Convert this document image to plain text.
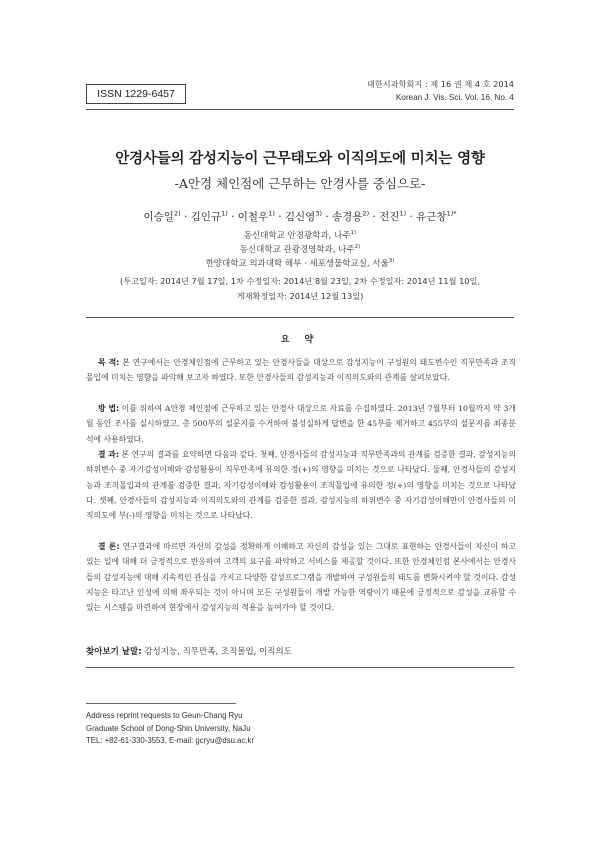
ISSN 1229-6457
대한시과학회지 : 제 16 권 제 4 호 2014
Korean J. Vis. Sci. Vol. 16, No. 4
안경사들의 감성지능이 근무태도와 이직의도에 미치는 영향
-A안경 체인점에 근무하는 안경사를 중심으로-
이승일$^{2)}$ · 김인규$^{1)}$ · 이철우$^{1)}$ · 김신영$^{3)}$ · 송경용$^{2)}$ · 전진$^{1)}$ · 유근창$^{1)*}$
동신대학교 안경광학과, 나주$^{1)}$
동신대학교 관광경영학과, 나주$^{2)}$
한양대학교 의과대학 해부 · 세포생물학교실, 서울$^{3)}$
(투고일자: 2014년 7월 17일, 1차 수정일자: 2014년 8월 23일, 2차 수정일자: 2014년 11월 10일,
게재확정일자: 2014년 12월 13일)
요 약
목 적: 본 연구에서는 안경체인점에 근무하고 있는 안경사들을 대상으로 감성지능이 구성원의 태도변수인 직무만족과 조직몰입에 미치는 영향을 파악해 보고자 하였다. 또한 안경사들의 감성지능과 이직의도와의 관계를 살펴보았다.
방 법: 이를 위하여 A안경 체인점에 근무하고 있는 안경사 대상으로 자료를 수집하였다. 2013년 7월부터 10월까지 약 3개월 동안 조사를 실시하였고, 총 500부의 설문지를 수거하여 불성실하게 답변을 한 45부를 제거하고 455부의 설문지를 최종분석에 사용하였다.
결 과: 본 연구의 결과를 요약하면 다음과 같다. 첫째, 안경사들의 감성지능과 직무만족과의 관계를 검증한 결과, 감성지능의 하위변수 중 자기감성이해와 감성활용이 직무만족에 유의한 정(+)의 영향을 미치는 것으로 나타났다. 둘째, 안경사들의 감성지능과 조직몰입과의 관계를 검증한 결과, 자기감성이해와 감성활용이 조직몰입에 유의한 정(+)의 영향을 미치는 것으로 나타났다. 셋째, 안경사들의 감성지능과 이직의도와의 관계를 검증한 결과, 감성지능의 하위변수 중 자기감성이해만이 안경사들의 이직의도에 부(-)의 영향을 미치는 것으로 나타났다.
결 론: 연구결과에 따르면 자신의 감성을 정확하게 이해하고 자신의 감성을 있는 그대로 표현하는 안경사들이 자신이 하고 있는 일에 대해 더 긍정적으로 반응하여 고객의 요구를 파악하고 서비스를 제공할 것이다. 또한 안경체인점 본사에서는 안경사들의 감성지능에 대해 지속적인 관심을 가지고 다양한 감성프로그램을 개발하여 구성원들의 태도를 변화시켜야 할 것이다. 감성지능은 타고난 인성에 의해 좌우되는 것이 아니며 모든 구성원들이 개발 가능한 역량이기 때문에 긍정적으로 감성을 교류할 수 있는 시스템을 마련하여 현장에서 감성지능의 적용을 높여가야 할 것이다.
찾아보기 낱말: 감성지능, 직무만족, 조직몰입, 이직의도
Address reprint requests to Geun-Chang Ryu
Graduate School of Dong-Shin University, NaJu
TEL: +82-61-330-3553, E-mail: gcryu@dsu.ac.kr
